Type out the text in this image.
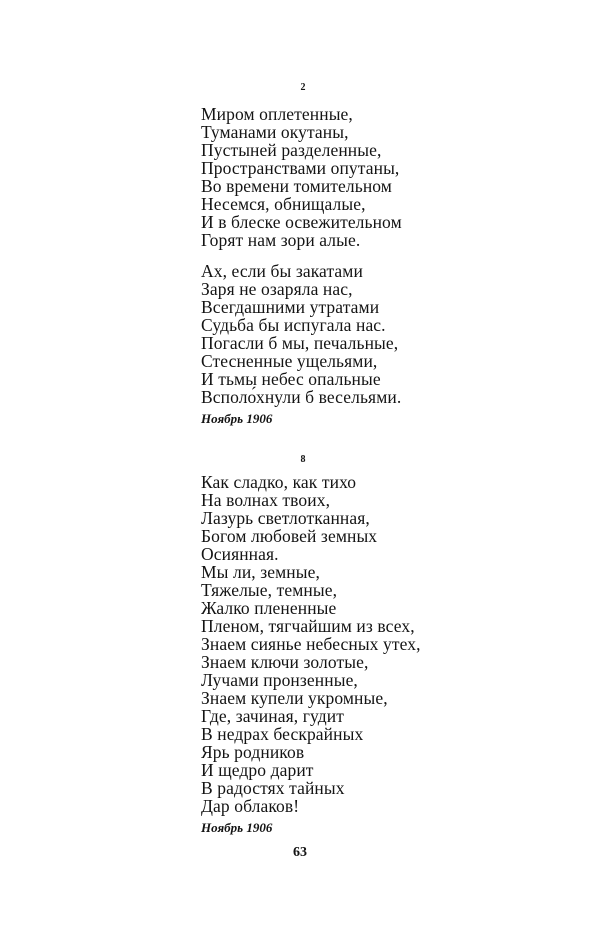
2
Миром оплетенные,
Туманами окутаны,
Пустыней разделенные,
Пространствами опутаны,
Во времени томительном
Несемся, обнищалые,
И в блеске освежительном
Горят нам зори алые.
Ах, если бы закатами
Заря не озаряла нас,
Всегдашними утратами
Судьба бы испугала нас.
Погасли б мы, печальные,
Стесненные ущельями,
И тьмы небес опальные
Всполо́хнули б весельями.
Ноябрь 1906
8
Как сладко, как тихо
На волнах твоих,
Лазурь светлотканная,
Богом любовей земных
Осиянная.
Мы ли, земные,
Тяжелые, темные,
Жалко плененные
Пленом, тягчайшим из всех,
Знаем сиянье небесных утех,
Знаем ключи золотые,
Лучами пронзенные,
Знаем купели укромные,
Где, зачиная, гудит
В недрах бескрайных
Ярь родников
И щедро дарит
В радостях тайных
Дар облаков!
Ноябрь 1906
63
